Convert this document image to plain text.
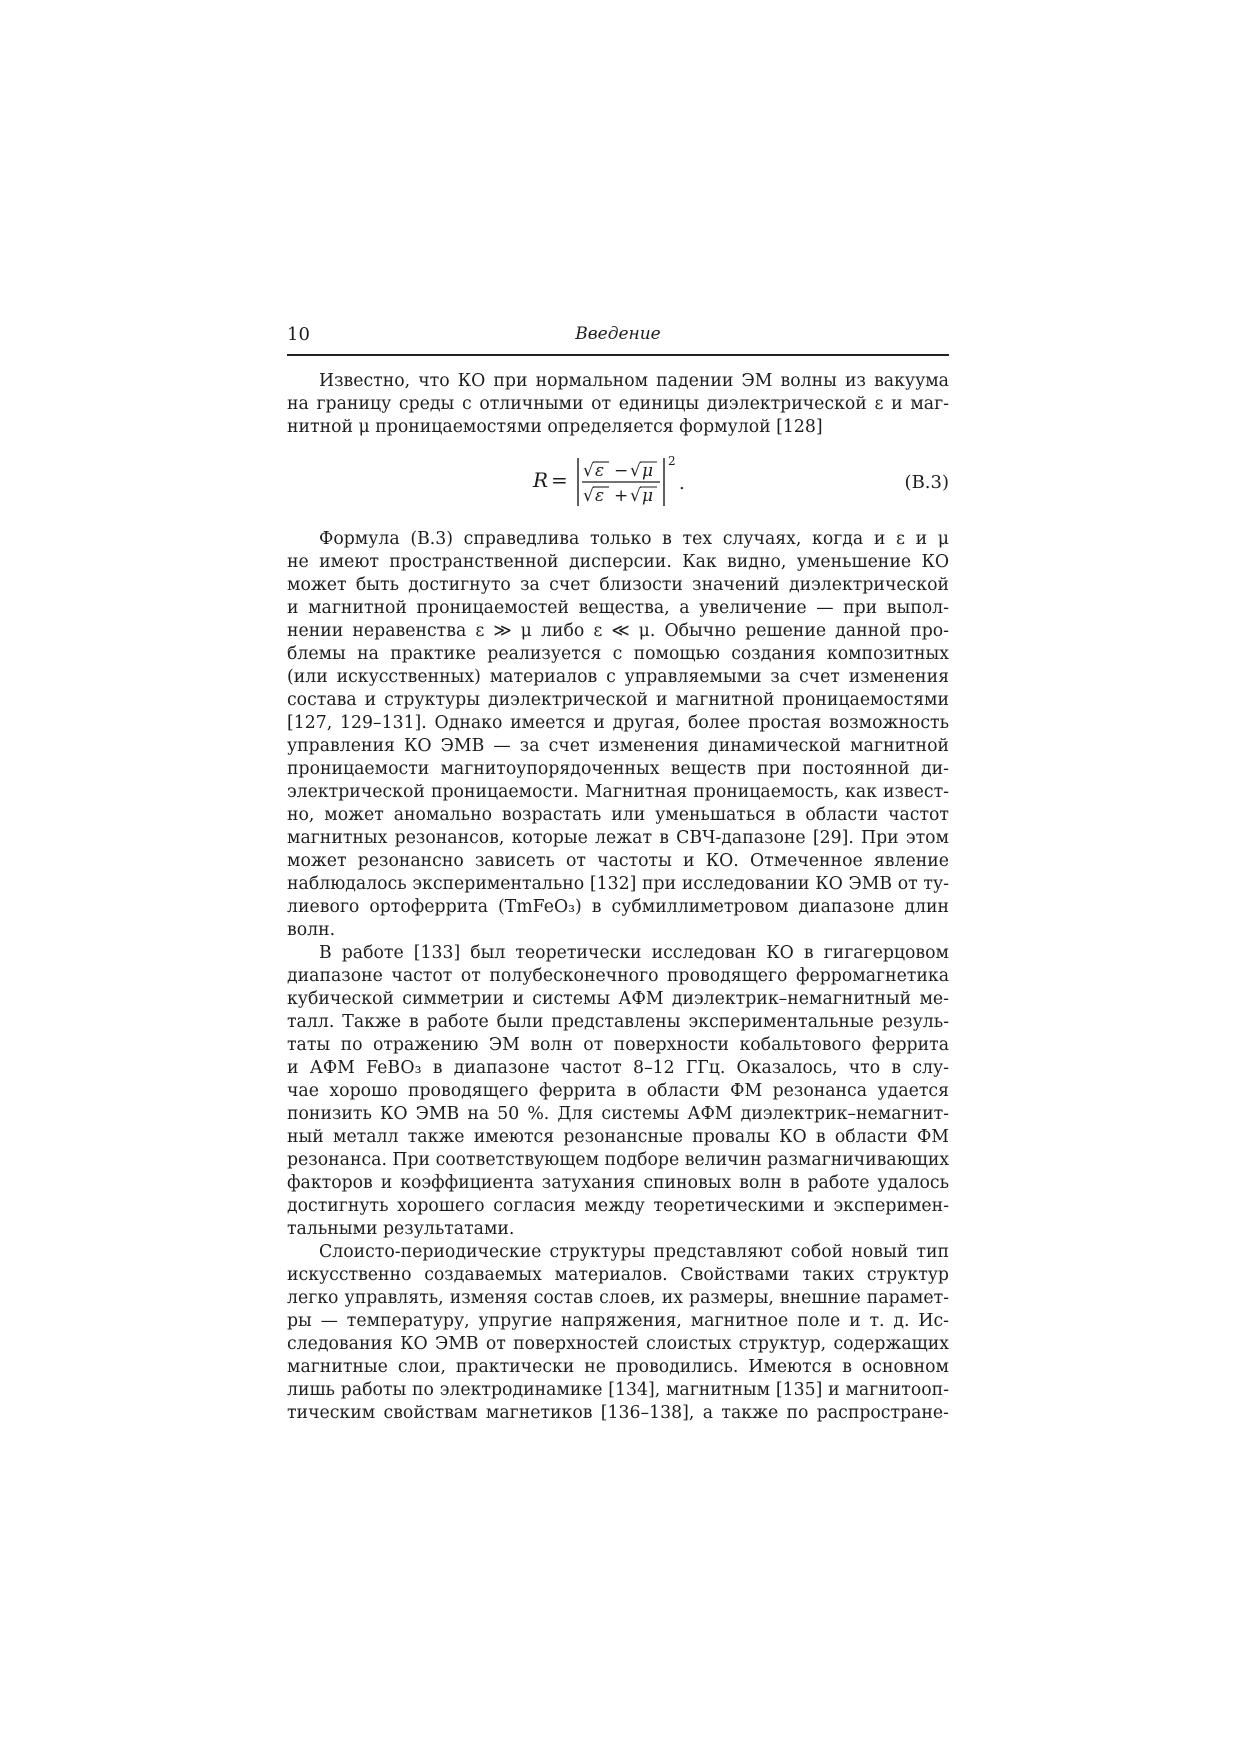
10	Введение
Известно, что КО при нормальном падении ЭМ волны из вакуума
на границу среды с отличными от единицы диэлектрической ε и маг-
нитной μ проницаемостями определяется формулой [128]
R = √ ε − √ μ
√ ε + √ μ
2
.	(B.3)
Формула (B.3) справедлива только в тех случаях, когда и ε и μ
не имеют пространственной дисперсии. Как видно, уменьшение КО
может быть достигнуто за счет близости значений диэлектрической
и магнитной проницаемостей вещества, а увеличение — при выпол-
нении неравенства ε ≫ μ либо ε ≪ μ. Обычно решение данной про-
блемы на практике реализуется с помощью создания композитных
(или искусственных) материалов с управляемыми за счет изменения
состава и структуры диэлектрической и магнитной проницаемостями
[127, 129–131]. Однако имеется и другая, более простая возможность
управления КО ЭМВ — за счет изменения динамической магнитной
проницаемости магнитоупорядоченных веществ при постоянной ди-
электрической проницаемости. Магнитная проницаемость, как извест-
но, может аномально возрастать или уменьшаться в области частот
магнитных резонансов, которые лежат в СВЧ-дапазоне [29]. При этом
может резонансно зависеть от частоты и КО. Отмеченное явление
наблюдалось экспериментально [132] при исследовании КО ЭМВ от ту-
лиевого ортоферрита (TmFeO₃) в субмиллиметровом диапазоне длин
волн.
В работе [133] был теоретически исследован КО в гигагерцовом
диапазоне частот от полубесконечного проводящего ферромагнетика
кубической симметрии и системы АФМ диэлектрик–немагнитный ме-
талл. Также в работе были представлены экспериментальные резуль-
таты по отражению ЭМ волн от поверхности кобальтового феррита
и АФМ FeBO₃ в диапазоне частот 8–12 ГГц. Оказалось, что в слу-
чае хорошо проводящего феррита в области ФМ резонанса удается
понизить КО ЭМВ на 50 %. Для системы АФМ диэлектрик–немагнит-
ный металл также имеются резонансные провалы КО в области ФМ
резонанса. При соответствующем подборе величин размагничивающих
факторов и коэффициента затухания спиновых волн в работе удалось
достигнуть хорошего согласия между теоретическими и эксперимен-
тальными результатами.
Слоисто-периодические структуры представляют собой новый тип
искусственно создаваемых материалов. Свойствами таких структур
легко управлять, изменяя состав слоев, их размеры, внешние парамет-
ры — температуру, упругие напряжения, магнитное поле и т. д. Ис-
следования КО ЭМВ от поверхностей слоистых структур, содержащих
магнитные слои, практически не проводились. Имеются в основном
лишь работы по электродинамике [134], магнитным [135] и магнитооп-
тическим свойствам магнетиков [136–138], а также по распростране-
